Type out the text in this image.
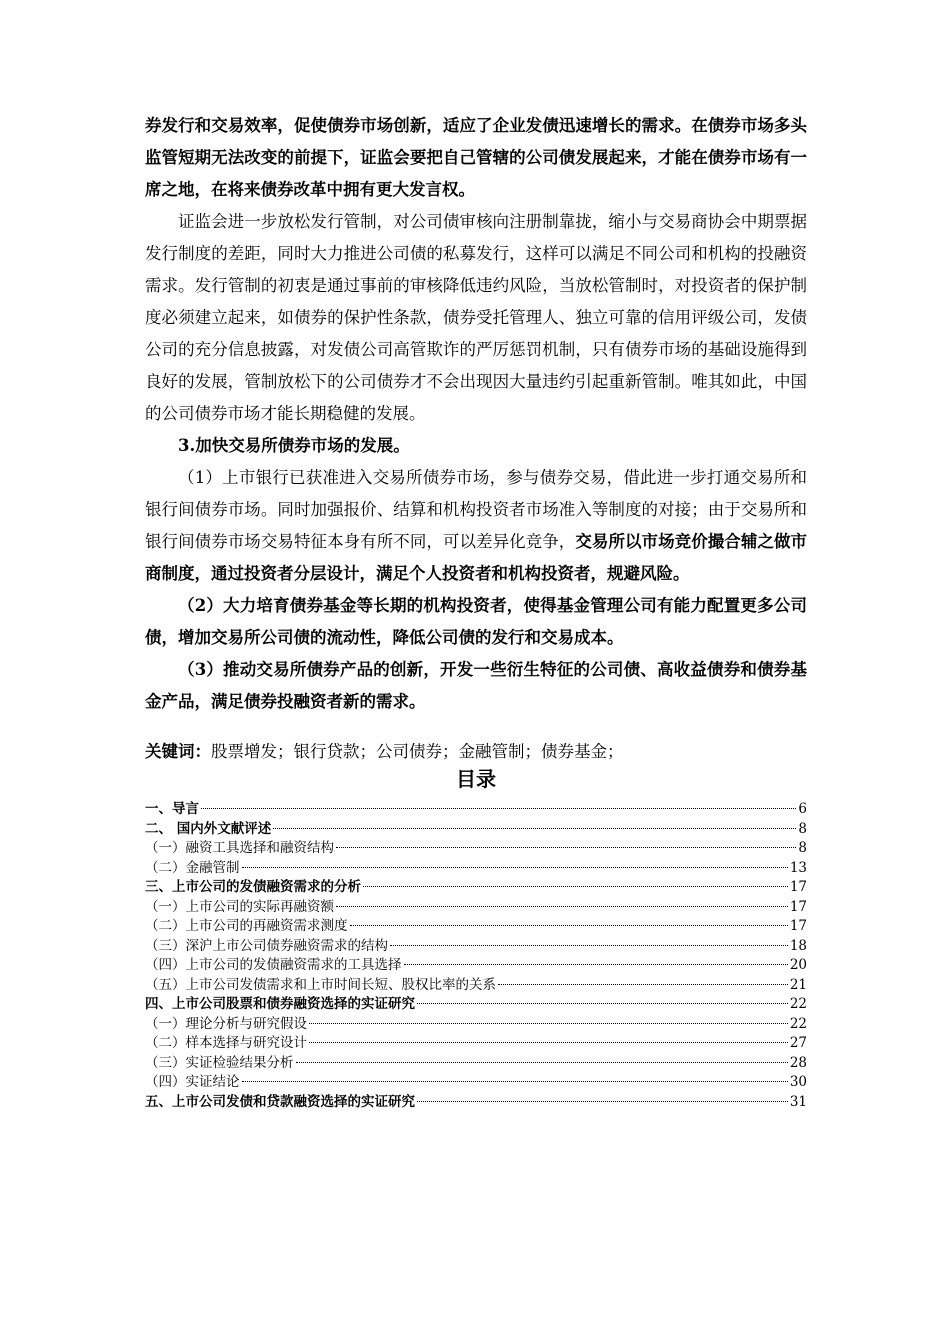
券发行和交易效率，促使债券市场创新，适应了企业发债迅速增长的需求。在债券市场多头监管短期无法改变的前提下，证监会要把自己管辖的公司债发展起来，才能在债券市场有一席之地，在将来债券改革中拥有更大发言权。

证监会进一步放松发行管制，对公司债审核向注册制靠拢，缩小与交易商协会中期票据发行制度的差距，同时大力推进公司债的私募发行，这样可以满足不同公司和机构的投融资需求。发行管制的初衷是通过事前的审核降低违约风险，当放松管制时，对投资者的保护制度必须建立起来，如债券的保护性条款，债券受托管理人、独立可靠的信用评级公司，发债公司的充分信息披露，对发债公司高管欺诈的严厉惩罚机制，只有债券市场的基础设施得到良好的发展，管制放松下的公司债券才不会出现因大量违约引起重新管制。唯其如此，中国的公司债券市场才能长期稳健的发展。

3.加快交易所债券市场的发展。

（1）上市银行已获准进入交易所债券市场，参与债券交易，借此进一步打通交易所和银行间债券市场。同时加强报价、结算和机构投资者市场准入等制度的对接；由于交易所和银行间债券市场交易特征本身有所不同，可以差异化竞争，交易所以市场竞价撮合辅之做市商制度，通过投资者分层设计，满足个人投资者和机构投资者，规避风险。

（2）大力培育债券基金等长期的机构投资者，使得基金管理公司有能力配置更多公司债，增加交易所公司债的流动性，降低公司债的发行和交易成本。

（3）推动交易所债券产品的创新，开发一些衍生特征的公司债、高收益债券和债券基金产品，满足债券投融资者新的需求。

关键词：股票增发；银行贷款；公司债券；金融管制；债券基金；
目录
一、导言	6
二、 国内外文献评述	8
（一）融资工具选择和融资结构	8
（二）金融管制	13
三、上市公司的发债融资需求的分析	17
（一）上市公司的实际再融资额	17
（二）上市公司的再融资需求测度	17
（三）深沪上市公司债券融资需求的结构	18
（四）上市公司的发债融资需求的工具选择	20
（五）上市公司发债需求和上市时间长短、股权比率的关系	21
四、上市公司股票和债券融资选择的实证研究	22
（一）理论分析与研究假设	22
（二）样本选择与研究设计	27
（三）实证检验结果分析	28
（四）实证结论	30
五、上市公司发债和贷款融资选择的实证研究	31
